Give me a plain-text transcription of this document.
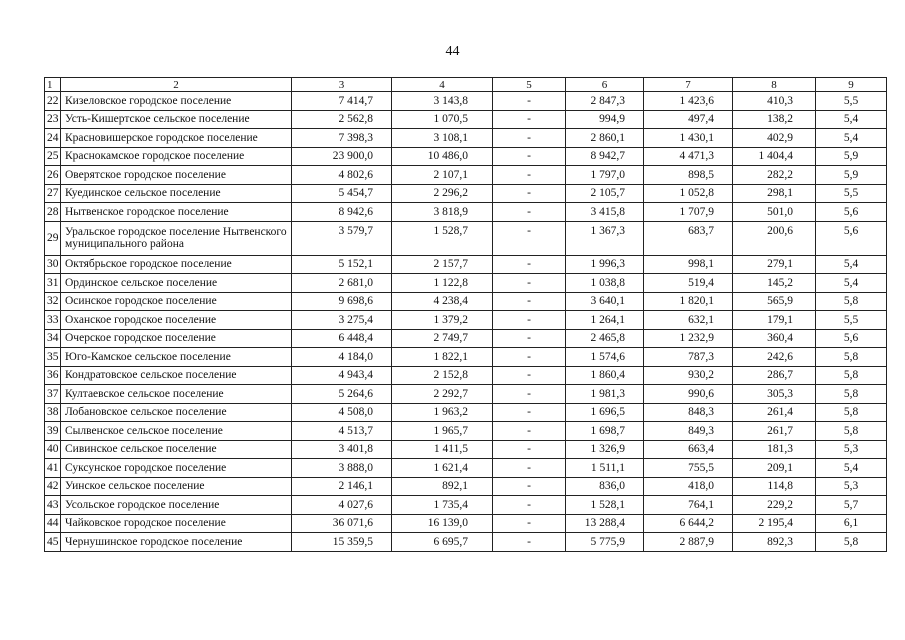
44
1	2	3	4	5	6	7	8	9
22	Кизеловское городское поселение	7 414,7	3 143,8	-	2 847,3	1 423,6	410,3	5,5
23	Усть-Кишертское сельское поселение	2 562,8	1 070,5	-	994,9	497,4	138,2	5,4
24	Красновишерское городское поселение	7 398,3	3 108,1	-	2 860,1	1 430,1	402,9	5,4
25	Краснокамское городское поселение	23 900,0	10 486,0	-	8 942,7	4 471,3	1 404,4	5,9
26	Оверятское городское поселение	4 802,6	2 107,1	-	1 797,0	898,5	282,2	5,9
27	Куединское сельское поселение	5 454,7	2 296,2	-	2 105,7	1 052,8	298,1	5,5
28	Нытвенское городское поселение	8 942,6	3 818,9	-	3 415,8	1 707,9	501,0	5,6
29	Уральское городское поселение Нытвенского муниципального района	3 579,7	1 528,7	-	1 367,3	683,7	200,6	5,6
30	Октябрьское городское поселение	5 152,1	2 157,7	-	1 996,3	998,1	279,1	5,4
31	Ординское сельское поселение	2 681,0	1 122,8	-	1 038,8	519,4	145,2	5,4
32	Осинское городское поселение	9 698,6	4 238,4	-	3 640,1	1 820,1	565,9	5,8
33	Оханское городское поселение	3 275,4	1 379,2	-	1 264,1	632,1	179,1	5,5
34	Очерское городское поселение	6 448,4	2 749,7	-	2 465,8	1 232,9	360,4	5,6
35	Юго-Камское сельское поселение	4 184,0	1 822,1	-	1 574,6	787,3	242,6	5,8
36	Кондратовское сельское поселение	4 943,4	2 152,8	-	1 860,4	930,2	286,7	5,8
37	Култаевское сельское поселение	5 264,6	2 292,7	-	1 981,3	990,6	305,3	5,8
38	Лобановское сельское поселение	4 508,0	1 963,2	-	1 696,5	848,3	261,4	5,8
39	Сылвенское сельское поселение	4 513,7	1 965,7	-	1 698,7	849,3	261,7	5,8
40	Сивинское сельское поселение	3 401,8	1 411,5	-	1 326,9	663,4	181,3	5,3
41	Суксунское городское поселение	3 888,0	1 621,4	-	1 511,1	755,5	209,1	5,4
42	Уинское сельское поселение	2 146,1	892,1	-	836,0	418,0	114,8	5,3
43	Усольское городское поселение	4 027,6	1 735,4	-	1 528,1	764,1	229,2	5,7
44	Чайковское городское поселение	36 071,6	16 139,0	-	13 288,4	6 644,2	2 195,4	6,1
45	Чернушинское городское поселение	15 359,5	6 695,7	-	5 775,9	2 887,9	892,3	5,8
